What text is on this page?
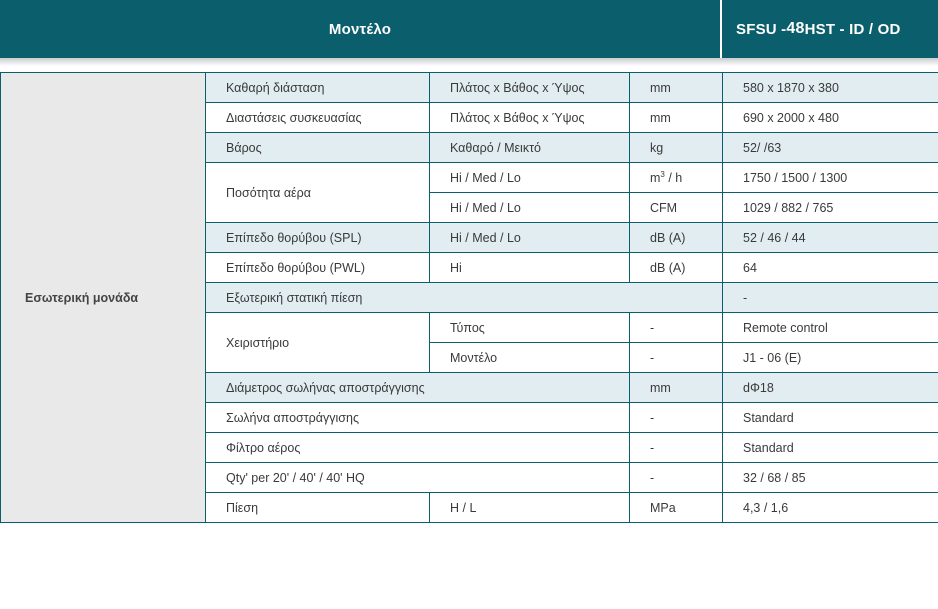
Μοντέλο	SFSU - 48 HST - ID / OD
Εσωτερική μονάδα	Καθαρή διάσταση	Πλάτος x Βάθος x Ύψος	mm	580 x 1870 x 380
	Διαστάσεις συσκευασίας	Πλάτος x Βάθος x Ύψος	mm	690 x 2000 x 480
	Βάρος	Καθαρό / Μεικτό	kg	52/ /63
	Ποσότητα αέρα	Hi / Med / Lo	$m^3$ / h	1750 / 1500 / 1300
		Hi / Med / Lo	CFM	1029 / 882 / 765
	Επίπεδο θορύβου (SPL)	Hi / Med / Lo	dB (A)	52 / 46 / 44
	Επίπεδο θορύβου (PWL)	Hi	dB (A)	64
	Εξωτερική στατική πίεση			-
	Χειριστήριο	Τύπος	-	Remote control
		Μοντέλο	-	J1 - 06 (E)
	Διάμετρος σωλήνας αποστράγγισης		mm	dΦ18
	Σωλήνα αποστράγγισης		-	Standard
	Φίλτρο αέρος		-	Standard
	Qty' per 20' / 40' / 40' HQ		-	32 / 68 / 85
	Πίεση	H / L	MPa	4,3 / 1,6
